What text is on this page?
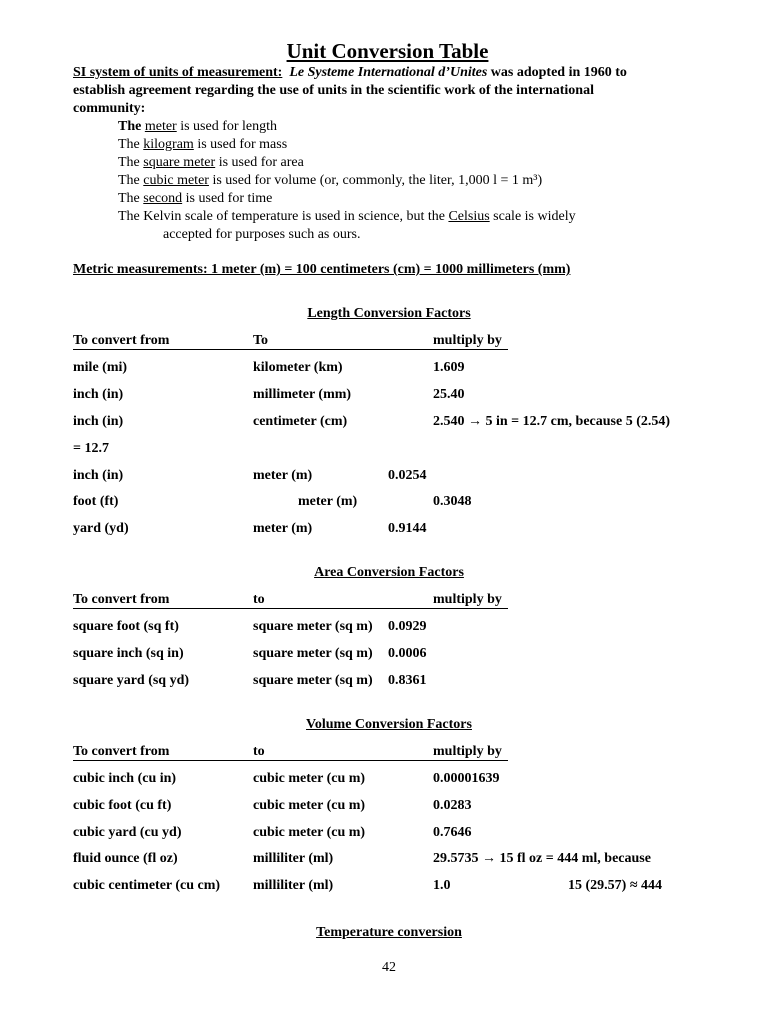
Unit Conversion Table
SI system of units of measurement: Le Systeme International d’Unites was adopted in 1960 to
establish agreement regarding the use of units in the scientific work of the international
community:
The meter is used for length
The kilogram is used for mass
The square meter is used for area
The cubic meter is used for volume (or, commonly, the liter, 1,000 l = 1 m³)
The second is used for time
The Kelvin scale of temperature is used in science, but the Celsius scale is widely
accepted for purposes such as ours.
Metric measurements: 1 meter (m) = 100 centimeters (cm) = 1000 millimeters (mm)
Length Conversion Factors
To convert from	To	multiply by
mile (mi)	kilometer (km)	1.609
inch (in)	millimeter (mm)	25.40
inch (in)	centimeter (cm)	2.540 → 5 in = 12.7 cm, because 5 (2.54)
= 12.7
inch (in)	meter (m)	0.0254
foot (ft)	meter (m)	0.3048
yard (yd)	meter (m)	0.9144
Area Conversion Factors
To convert from	to	multiply by
square foot (sq ft)	square meter (sq m) 0.0929
square inch (sq in)	square meter (sq m) 0.0006
square yard (sq yd)	square meter (sq m) 0.8361
Volume Conversion Factors
To convert from	to	multiply by
cubic inch (cu in)	cubic meter (cu m)	0.00001639
cubic foot (cu ft)	cubic meter (cu m)	0.0283
cubic yard (cu yd)	cubic meter (cu m)	0.7646
fluid ounce (fl oz)	milliliter (ml)	29.5735 → 15 fl oz = 444 ml, because
cubic centimeter (cu cm) milliliter (ml)	1.0	15 (29.57) ≈ 444
Temperature conversion
42
